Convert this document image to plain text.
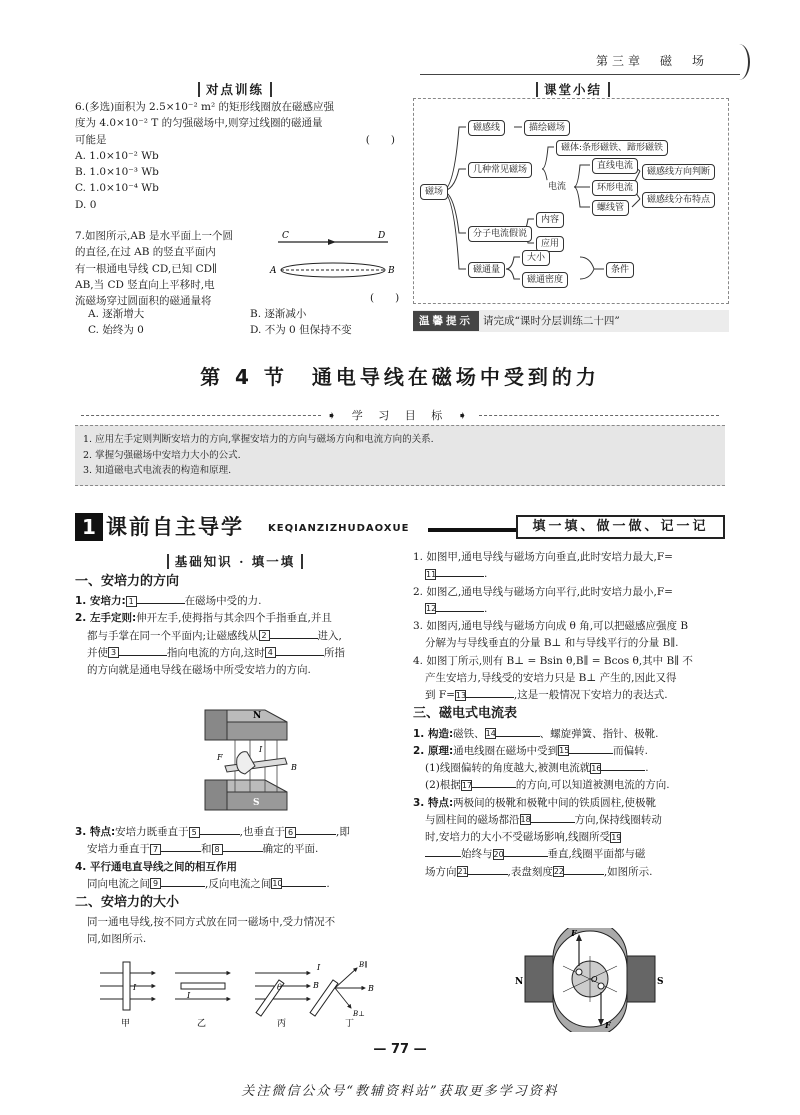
第三章　磁　场
对点训练

6.(多选)面积为 2.5×10⁻² m² 的矩形线圈放在磁感应强

度为 4.0×10⁻² T 的匀强磁场中,则穿过线圈的磁通量

可能是	(　　)

A. 1.0×10⁻² Wb

B. 1.0×10⁻³ Wb

C. 1.0×10⁻⁴ Wb

D. 0

7.如图所示,AB 是水平面上一个圆

的直径,在过 AB 的竖直平面内

有一根通电导线 CD,已知 CD∥

AB,当 CD 竖直向上平移时,电

流磁场穿过圆面积的磁通量将	(　　)
C	D
A	B
A. 逐渐增大	B. 逐渐减小
C. 始终为 0	D. 不为 0 但保持不变
课堂小结
磁场
磁感线	描绘磁场
几种常见磁场
磁体:条形磁铁、蹄形磁铁
电流
直线电流
环形电流
螺线管
磁感线方向判断
磁感线分布特点
分子电流假说
内容
应用
磁通量
大小
磁通密度
条件
温馨提示 请完成“课时分层训练二十四”
第 4 节　通电导线在磁场中受到的力
➧ 学 习 目 标 ➧

1. 应用左手定则判断安培力的方向,掌握安培力的方向与磁场方向和电流方向的关系.

2. 掌握匀强磁场中安培力大小的公式.

3. 知道磁电式电流表的构造和原理.

1 课前自主导学 KEQIANZIZHUDAOXUE	填一填、做一做、记一记
基础知识 · 填一填

一、安培力的方向

1. 安培力: 1	在磁场中受的力.

2. 左手定则:伸开左手,使拇指与其余四个手指垂直,并且

都与手掌在同一个平面内;让磁感线从 2	进入,

并使 3	指向电流的方向,这时 4	所指

的方向就是通电导线在磁场中所受安培力的方向.

N
S
F
I
B

3. 特点:安培力既垂直于 5	,也垂直于 6	,即

安培力垂直于 7	和 8	确定的平面.

4. 平行通电直导线之间的相互作用

同向电流之间 9	,反向电流之间10	.

二、安培力的大小

同一通电导线,按不同方式放在同一磁场中,受力情况不

同,如图所示.

I
I
θ	B
I	B∥
B
B⊥
甲	乙	丙	丁

1. 如图甲,通电导线与磁场方向垂直,此时安培力最大,F=

11	.

2. 如图乙,通电导线与磁场方向平行,此时安培力最小,F=

12	.

3. 如图丙,通电导线与磁场方向成 θ 角,可以把磁感应强度 B

分解为与导线垂直的分量 B⊥ 和与导线平行的分量 B∥.

4. 如图丁所示,则有 B⊥ = Bsin θ,B∥ = Bcos θ,其中 B∥ 不

产生安培力,导线受的安培力只是 B⊥ 产生的,因此又得

到 F=13	,这是一般情况下安培力的表达式.

三、磁电式电流表

1. 构造:磁铁、14	、螺旋弹簧、指针、极靴.

2. 原理:通电线圈在磁场中受到15	而偏转.

(1)线圈偏转的角度越大,被测电流就16	.

(2)根据17	的方向,可以知道被测电流的方向.

3. 特点:两极间的极靴和极靴中间的铁质圆柱,使极靴

与圆柱间的磁场都沿18	方向,保持线圈转动

时,安培力的大小不受磁场影响,线圈所受19

始终与20	垂直,线圈平面都与磁

场方向21	,表盘刻度22	,如图所示.

F
F
N	S
O
— 77 —
关注微信公众号“教辅资料站”获取更多学习资料
